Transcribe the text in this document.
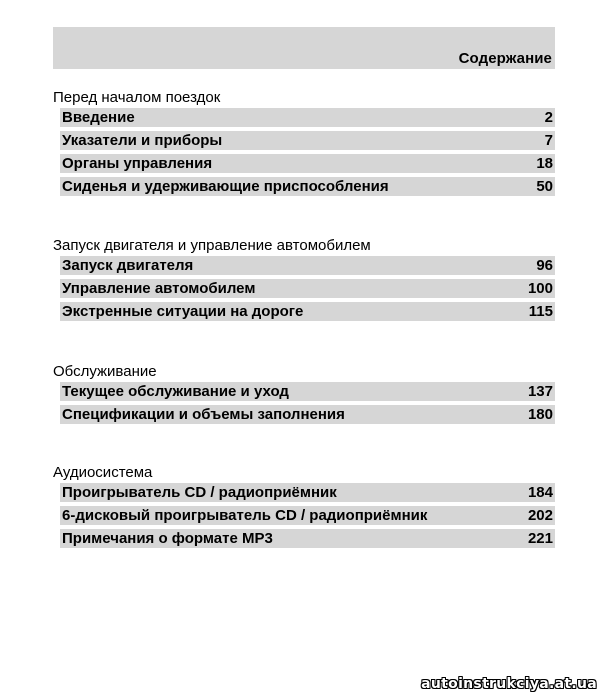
Содержание
Перед началом поездок
Введение	2
Указатели и приборы	7
Органы управления	18
Сиденья и удерживающие приспособления	50
Запуск двигателя и управление автомобилем
Запуск двигателя	96
Управление автомобилем	100
Экстренные ситуации на дороге	115
Обслуживание
Текущее обслуживание и уход	137
Спецификации и объемы заполнения	180
Аудиосистема
Проигрыватель CD / радиоприёмник	184
6-дисковый проигрыватель CD / радиоприёмник	202
Примечания о формате MP3	221
autoinstrukciya.at.ua
